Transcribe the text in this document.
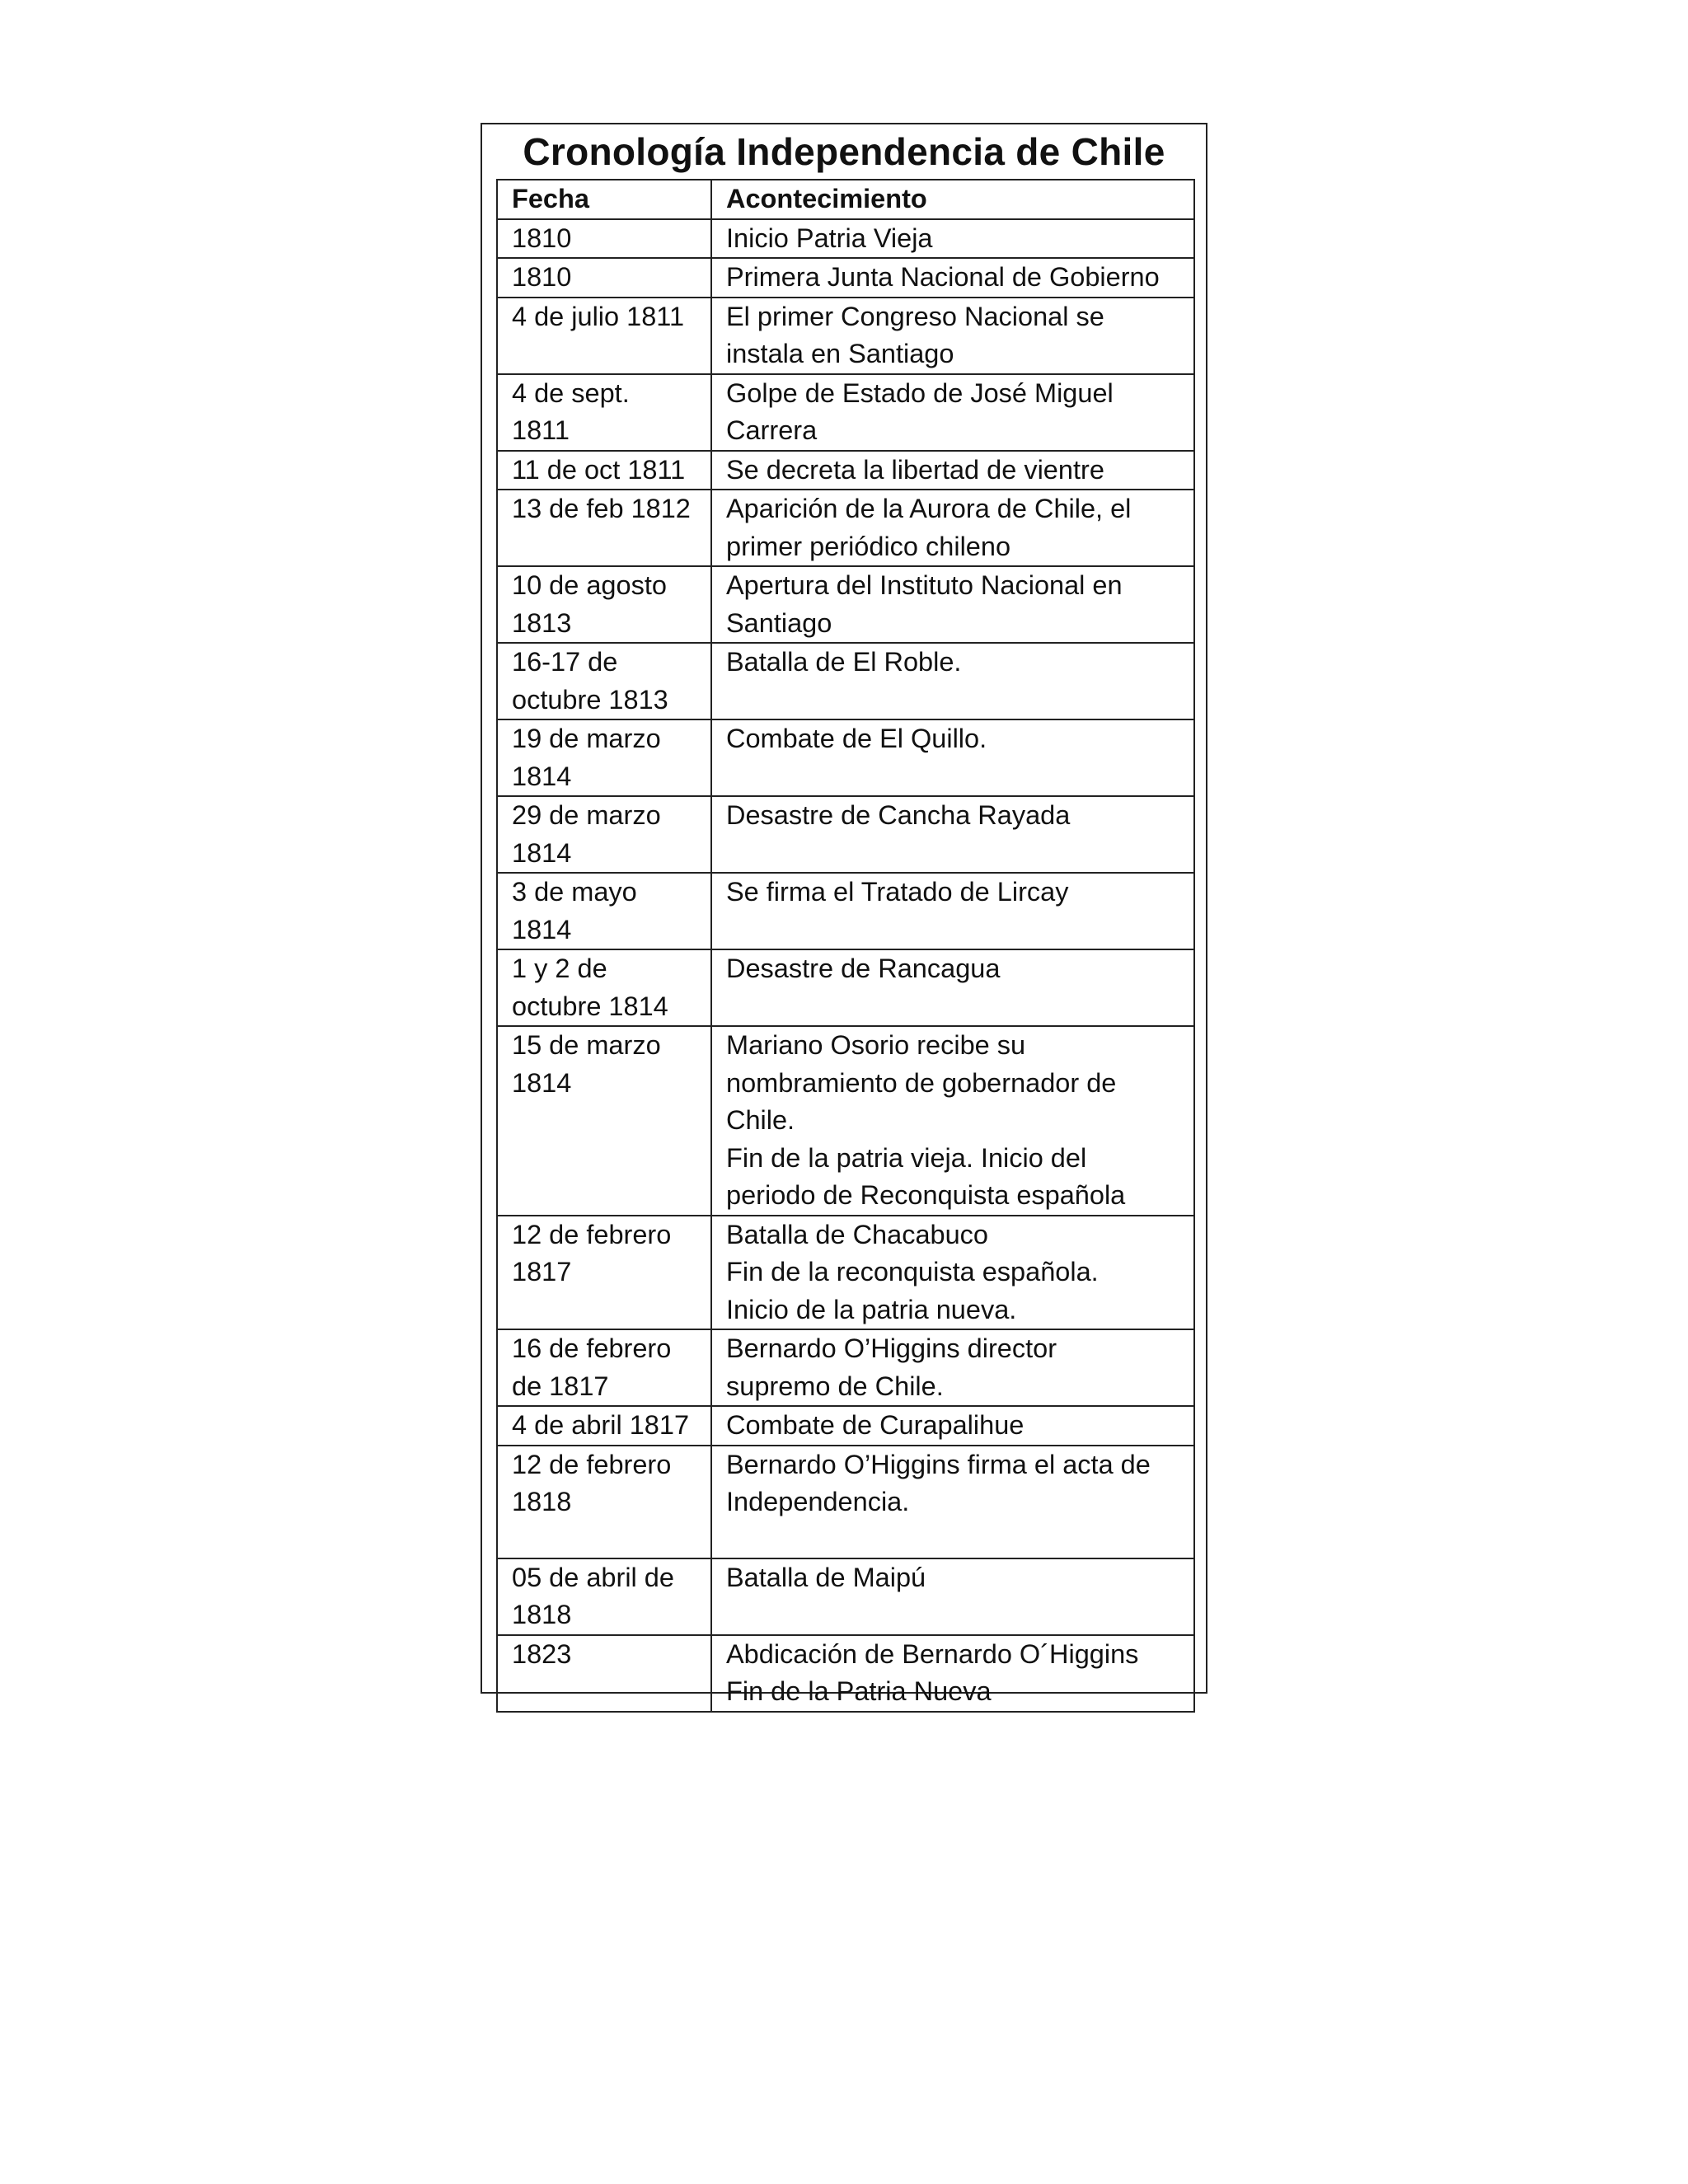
Cronología Independencia de Chile
Fecha	Acontecimiento
1810	Inicio Patria Vieja
1810	Primera Junta Nacional de Gobierno
4 de julio 1811	El primer Congreso Nacional se
instala en Santiago
4 de sept.
1811	Golpe de Estado de José Miguel
Carrera
11 de oct 1811	Se decreta la libertad de vientre
13 de feb 1812	Aparición de la Aurora de Chile, el
primer periódico chileno
10 de agosto
1813	Apertura del Instituto Nacional en
Santiago
16-17 de
octubre 1813	Batalla de El Roble.
19 de marzo
1814	Combate de El Quillo.
29 de marzo
1814	Desastre de Cancha Rayada
3 de mayo
1814	Se firma el Tratado de Lircay
1 y 2 de
octubre 1814	Desastre de Rancagua
15 de marzo
1814	Mariano Osorio recibe su
nombramiento de gobernador de
Chile.
Fin de la patria vieja. Inicio del
periodo de Reconquista española
12 de febrero
1817	Batalla de Chacabuco
Fin de la reconquista española.
Inicio de la patria nueva.
16 de febrero
de 1817	Bernardo O’Higgins director
supremo de Chile.
4 de abril 1817	Combate de Curapalihue
12 de febrero
1818	Bernardo O’Higgins firma el acta de
Independencia.
05 de abril de
1818	Batalla de Maipú
1823	Abdicación de Bernardo O´Higgins
Fin de la Patria Nueva
